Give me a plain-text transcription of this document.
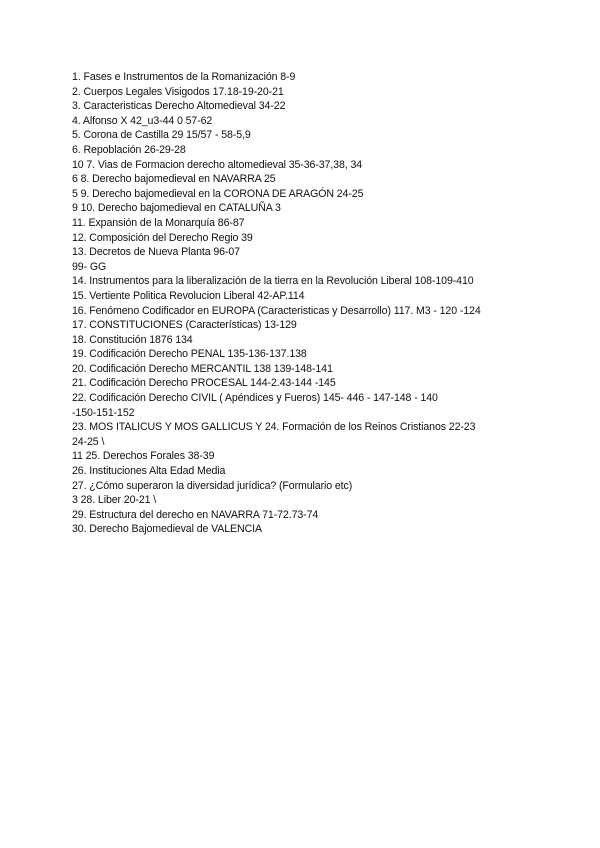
1. Fases e Instrumentos de la Romanización 8-9
2. Cuerpos Legales Visigodos 17.18-19-20-21
3. Caracteristicas Derecho Altomedieval 34-22
4. Alfonso X 42_u3-44 0 57-62
5. Corona de Castilla 29 15/57 - 58-5,9
6. Repoblación 26-29-28
10 7. Vias de Formacion derecho altomedieval 35-36-37,38, 34
6 8. Derecho bajomedieval en NAVARRA 25
5 9. Derecho bajomedieval en la CORONA DE ARAGÓN 24-25
9 10. Derecho bajomedieval en CATALUÑA 3
11. Expansión de la Monarquía 86-87
12. Composición del Derecho Regio 39
13. Decretos de Nueva Planta 96-07
99- GG
14. Instrumentos para la liberalización de la tierra en la Revolución Liberal 108-109-410
15. Vertiente Politica Revolucion Liberal 42-AP.114
16. Fenómeno Codificador en EUROPA (Caracteristicas y Desarrollo) 117. M3 - 120 -124
17. CONSTITUCIONES (Características) 13-129
18. Constitución 1876 134
19. Codificación Derecho PENAL 135-136-137.138
20. Codificación Derecho MERCANTIL 138 139-148-141
21. Codificación Derecho PROCESAL 144-2.43-144 -145
22. Codificación Derecho CIVIL ( Apéndices y Fueros) 145- 446 - 147-148 - 140
-150-151-152
23. MOS ITALICUS Y MOS GALLICUS Y 24. Formación de los Reinos Cristianos 22-23
24-25 \
11 25. Derechos Forales 38-39
26. Instituciones Alta Edad Media
27. ¿Cómo superaron la diversidad jurídica? (Formulario etc)
3 28. Liber 20-21 \
29. Estructura del derecho en NAVARRA 71-72.73-74
30. Derecho Bajomedieval de VALENCIA
